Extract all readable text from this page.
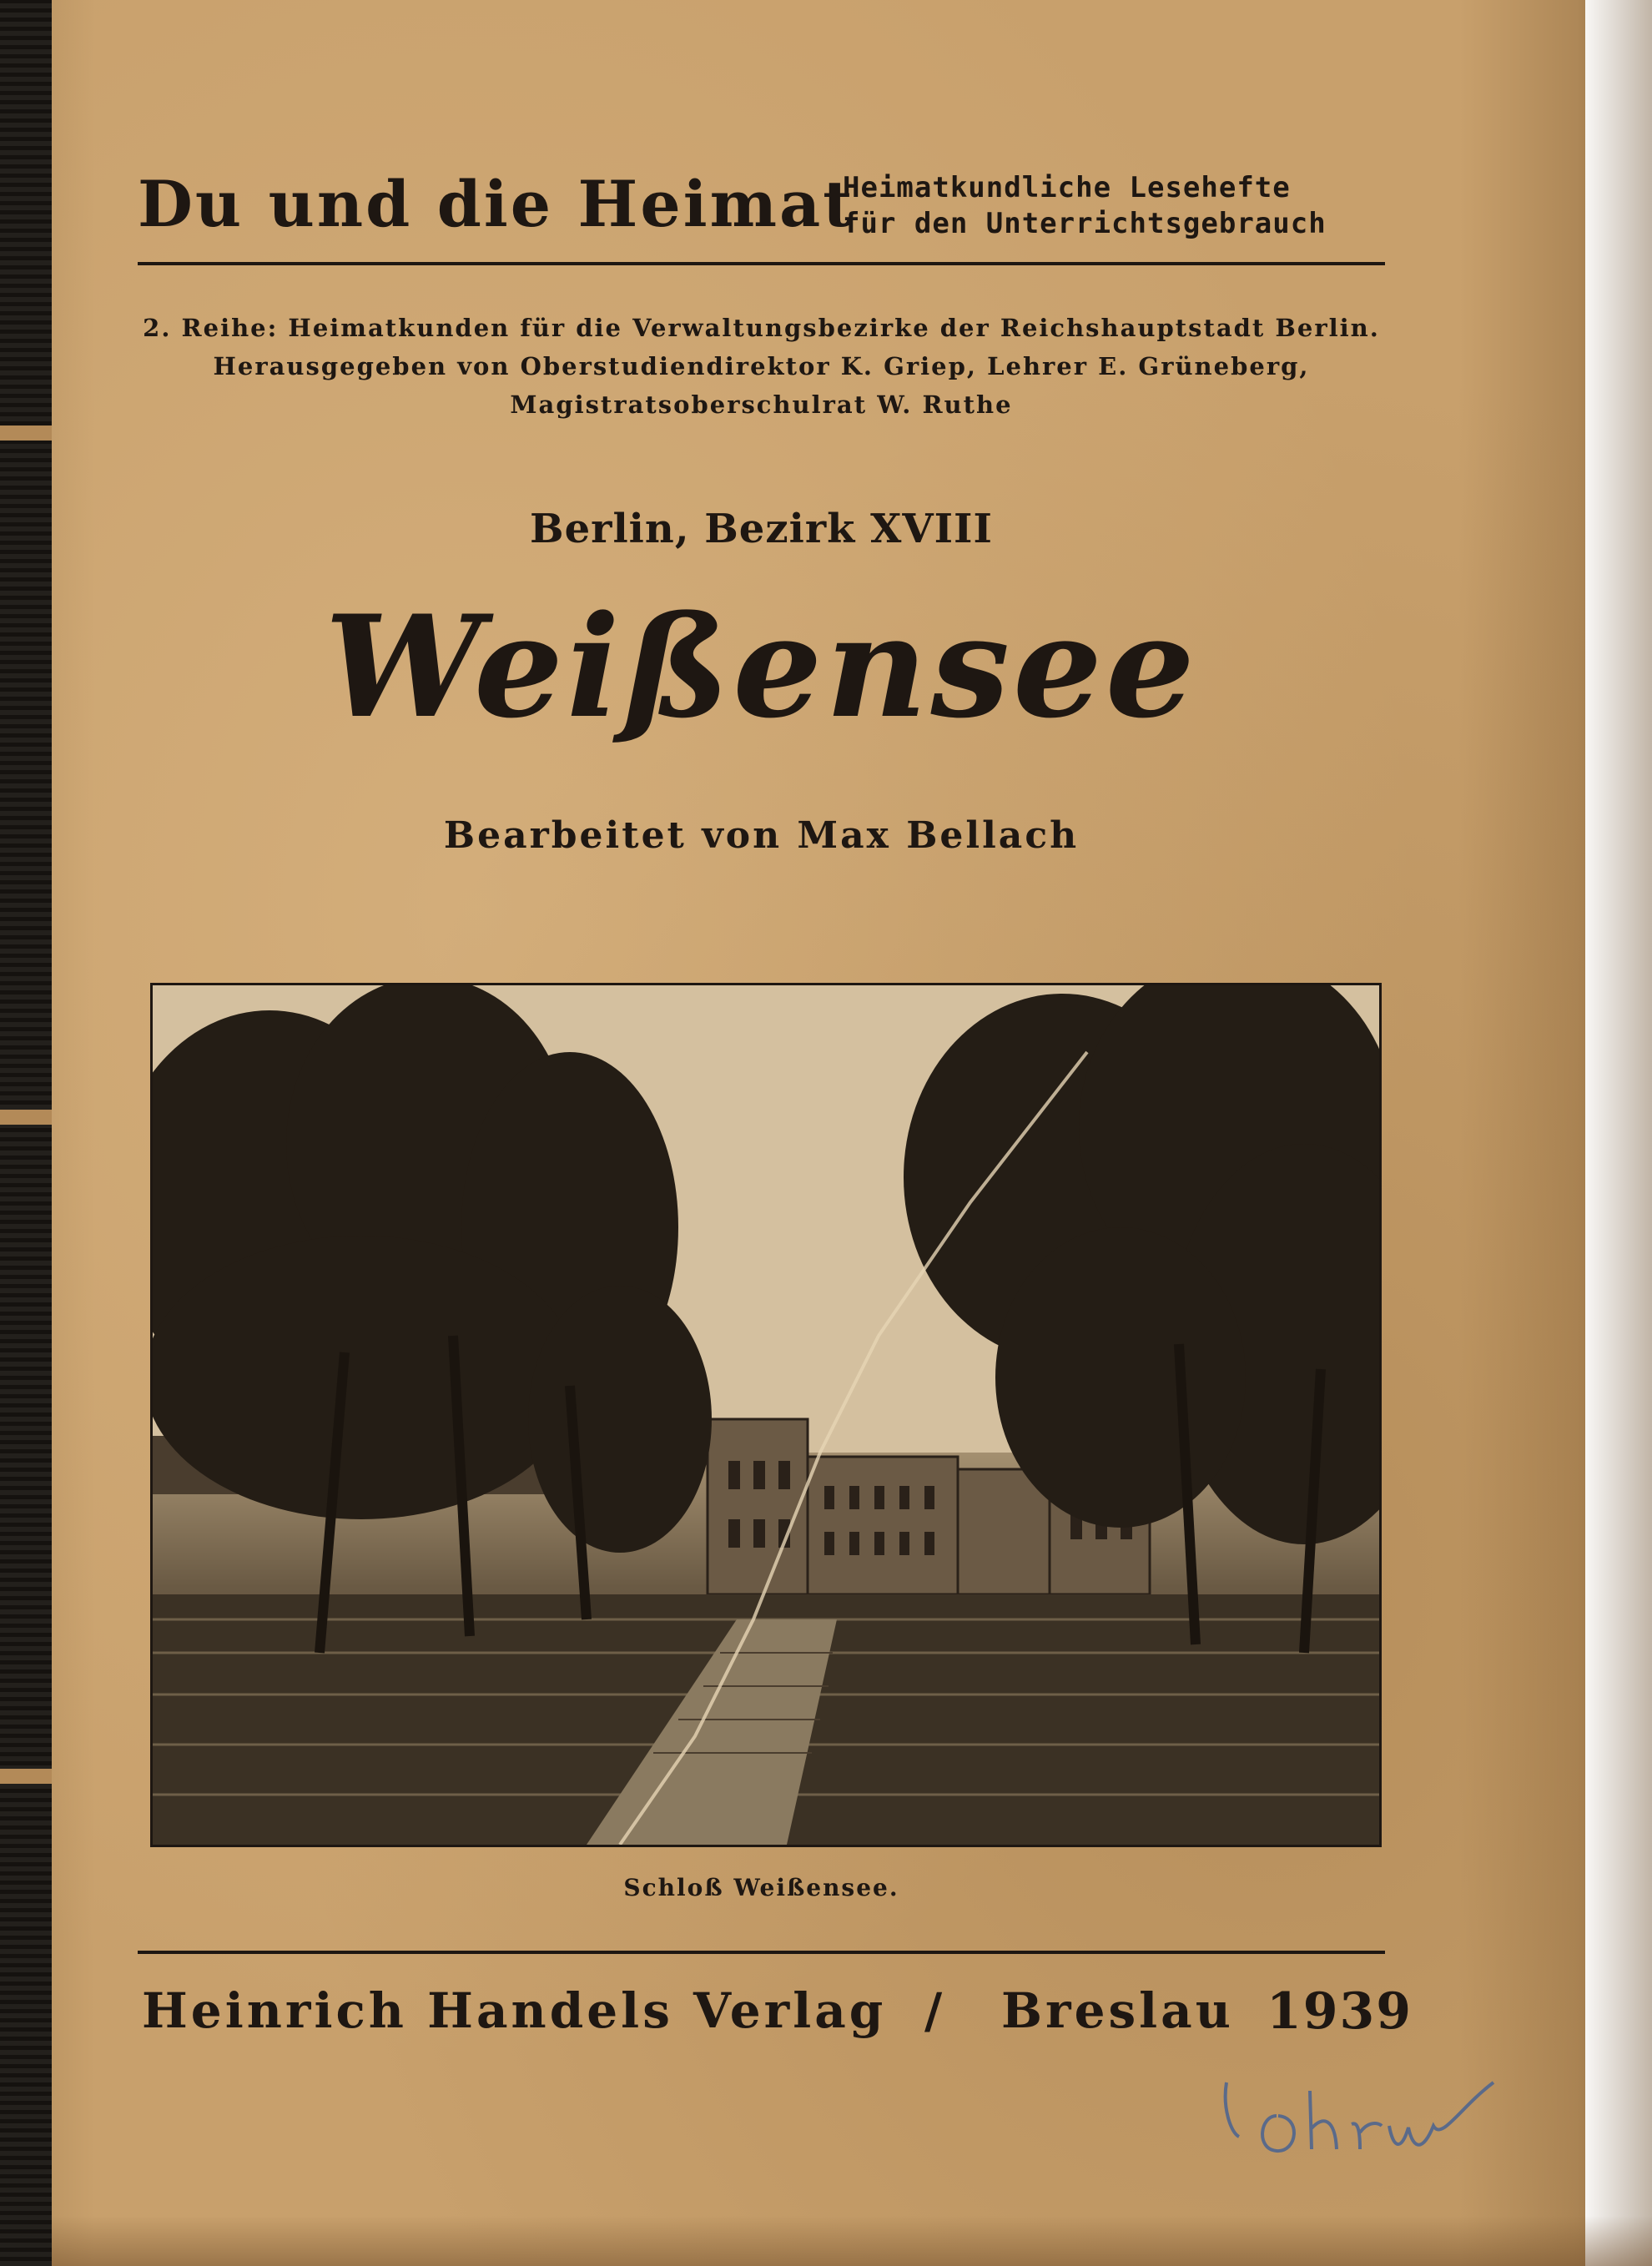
Du und die Heimat
Heimatkundliche Lesehefte
für den Unterrichtsgebrauch
2. Reihe: Heimatkunden für die Verwaltungsbezirke der Reichshauptstadt Berlin.
Herausgegeben von Oberstudiendirektor K. Griep, Lehrer E. Grüneberg,
Magistratsoberschulrat W. Ruthe
Berlin, Bezirk XVIII
Weißensee
Bearbeitet von Max Bellach
Schloß Weißensee.
Heinrich Handels Verlag / Breslau 1939
